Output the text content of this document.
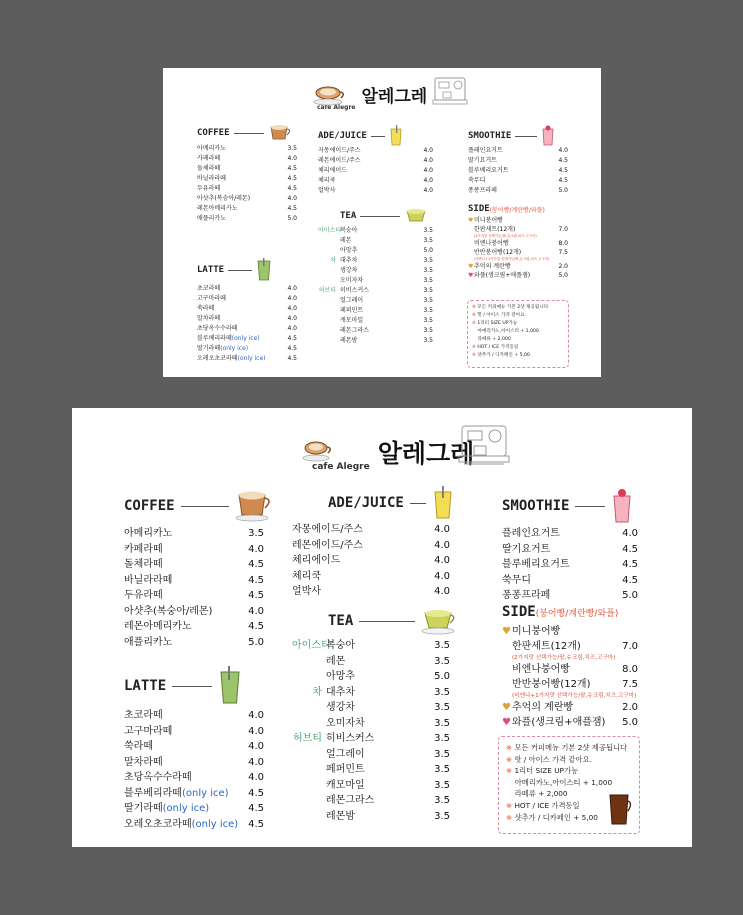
cafe Alegre
알레그레
COFFEE
아메리카노	3.5
카페라떼	4.0
돌체라떼	4.5
바닐라라떼	4.5
두유라떼	4.5
아샷추(복숭아/레몬)	4.0
레몬아메리카노	4.5
애플리카노	5.0
LATTE
초코라떼	4.0
고구마라떼	4.0
쑥라떼	4.0
말차라떼	4.0
초당옥수수라떼	4.0
블루베리라떼(only ice)	4.5
딸기라떼(only ice)	4.5
오레오초코라떼(only ice)	4.5
ADE/JUICE
자몽에이드/주스	4.0
레몬에이드/주스	4.0
체리에이드	4.0
체리쿡	4.0
얼박사	4.0
TEA
아이스티복숭아	3.5
레몬	3.5
아망추	5.0
차 대추차	3.5
생강차	3.5
오미자차	3.5
허브티 히비스커스	3.5
얼그레이	3.5
페퍼민트	3.5
캐모마일	3.5
레몬그라스	3.5
레몬밤	3.5
SMOOTHIE
플레인요거트	4.0
딸기요거트	4.5
블루베리요거트	4.5
쑥무디	4.5
퐁퐁프라페	5.0
SIDE (붕어빵/계란빵/와플)
♥미니붕어빵
한판세트(12개)	7.0
(2가지맛 선택가능/팥,슈크림,치즈,고구마)
비엔나붕어빵	8.0
반반붕어빵(12개)	7.5
(비엔나+1가지맛 선택가능/팥,슈크림,치즈,고구마)
♥추억의 계란빵	2.0
♥와플(생크림+애플잼)	5.0
※ 모든 커피메뉴 기본 2샷 제공됩니다
※ 핫 / 아이스 가격 같아요.
※ 1리터 SIZE UP가능
아메리카노,아이스티 + 1,000
라떼류 + 2,000
※ HOT / ICE 가격동일
※ 샷추가 / 디카페인 + 5,00
cafe Alegre 알레그레
COFFEE
아메리카노	3.5
카페라떼	4.0
돌체라떼	4.5
바닐라라떼	4.5
두유라떼	4.5
아샷추(복숭아/레몬)	4.0
레몬아메리카노	4.5
애플리카노	5.0
LATTE
초코라떼	4.0
고구마라떼	4.0
쑥라떼	4.0
말차라떼	4.0
초당옥수수라떼	4.0
블루베리라떼(only ice) 4.5
딸기라떼(only ice)	4.5
오레오초코라떼(only ice) 4.5
ADE/JUICE
자몽에이드/주스	4.0
레몬에이드/주스	4.0
체리에이드	4.0
체리쿡	4.0
얼박사	4.0
TEA
아이스티복숭아	3.5
레몬	3.5
아망추	5.0
차 대추차	3.5
생강차	3.5
오미자차	3.5
허브티 히비스커스	3.5
얼그레이	3.5
페퍼민트	3.5
캐모마일	3.5
레몬그라스	3.5
레몬밤	3.5
SMOOTHIE
플레인요거트	4.0
딸기요거트	4.5
블루베리요거트	4.5
쑥무디	4.5
퐁퐁프라페	5.0
SIDE (붕어빵/계란빵/와플)
♥미니붕어빵
한판세트(12개)	7.0
(2가지맛 선택가능/팥,슈크림,치즈,고구마)
비엔나붕어빵	8.0
반반붕어빵(12개)	7.5
(비엔나+1가지맛 선택가능/팥,슈크림,치즈,고구마)
♥추억의 계란빵	2.0
♥와플(생크림+애플잼) 5.0
※ 모든 커피메뉴 기본 2샷 제공됩니다
※ 핫 / 아이스 가격 같아요.
※ 1리터 SIZE UP가능
아메리카노,아이스티 + 1,000
라떼류 + 2,000
※ HOT / ICE 가격동일
※ 샷추가 / 디카페인 + 5,00
